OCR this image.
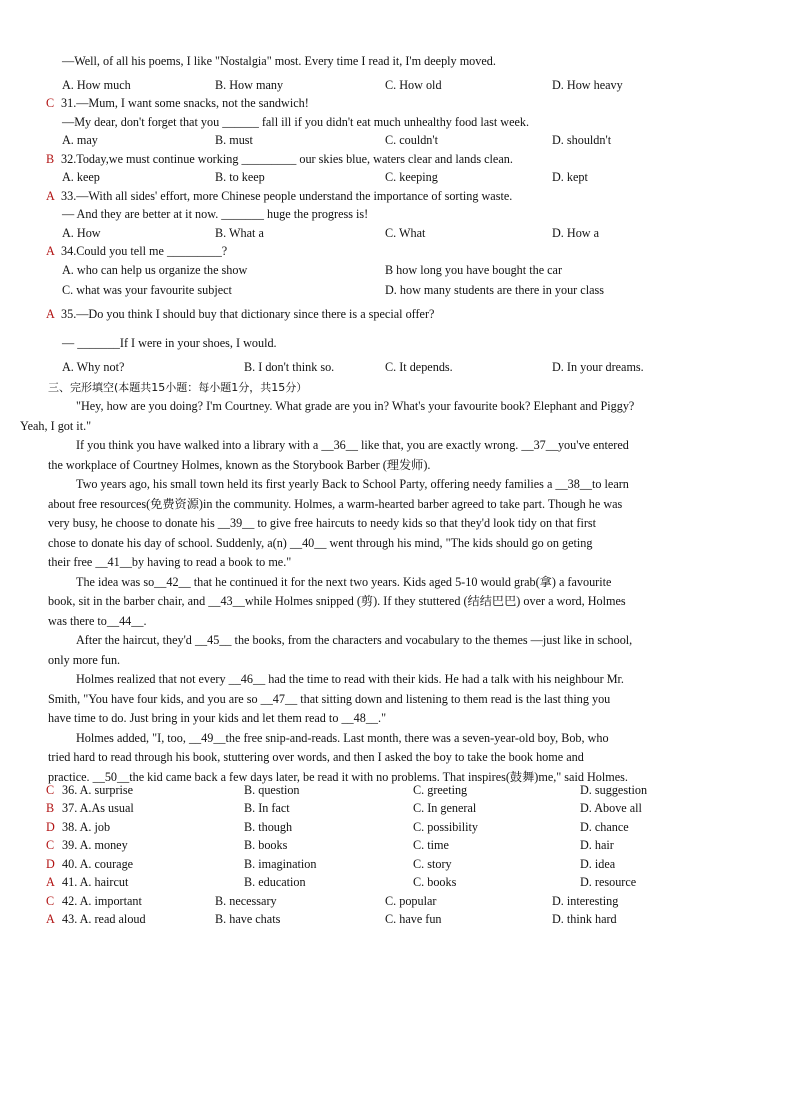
—Well, of all his poems, I like "Nostalgia" most. Every time I read it, I'm deeply moved.
A. How much	B. How many	C. How old	D. How heavy
C 31.—Mum, I want some snacks, not the sandwich!
—My dear, don't forget that you ______ fall ill if you didn't eat much unhealthy food last week.
A. may	B. must	C. couldn't	D. shouldn't
B 32.Today,we must continue working _________ our skies blue, waters clear and lands clean.
A. keep	B. to keep	C. keeping	D. kept
A 33.—With all sides' effort, more Chinese people understand the importance of sorting waste.
— And they are better at it now. _______ huge the progress is!
A. How	B. What a	C. What	D. How a
A 34.Could you tell me _________?
A. who can help us organize the show	B how long you have bought the car
C. what was your favourite subject	D. how many students are there in your class
A 35.—Do you think I should buy that dictionary since there is a special offer?
— _______If I were in your shoes, I would.
A. Why not?	B. I don't think so.	C. It depends.	D. In your dreams.
三、完形填空(本题共15小题：每小题1分，共15分）

"Hey, how are you doing? I'm Courtney. What grade are you in? What's your favourite book? Elephant and Piggy?
Yeah, I got it."

If you think you have walked into a library with a __36__ like that, you are exactly wrong. __37__you've entered
the workplace of Courtney Holmes, known as the Storybook Barber (理发师).

Two years ago, his small town held its first yearly Back to School Party, offering needy families a __38__to learn
about free resources(免费资源)in the community. Holmes, a warm-hearted barber agreed to take part. Though he was
very busy, he choose to donate his __39__ to give free haircuts to needy kids so that they'd look tidy on that first
chose to donate his day of school. Suddenly, a(n) __40__ went through his mind, "The kids should go on geting
their free __41__by having to read a book to me."

The idea was so__42__ that he continued it for the next two years. Kids aged 5-10 would grab(拿) a favourite
book, sit in the barber chair, and __43__while Holmes snipped (剪). If they stuttered (结结巴巴) over a word, Holmes
was there to__44__.

After the haircut, they'd __45__ the books, from the characters and vocabulary to the themes —just like in school,
only more fun.

Holmes realized that not every __46__ had the time to read with their kids. He had a talk with his neighbour Mr.
Smith, "You have four kids, and you are so __47__ that sitting down and listening to them read is the last thing you
have time to do. Just bring in your kids and let them read to __48__."

Holmes added, "I, too, __49__the free snip-and-reads. Last month, there was a seven-year-old boy, Bob, who
tried hard to read through his book, stuttering over words, and then I asked the boy to take the book home and
practice. __50__the kid came back a few days later, be read it with no problems. That inspires(鼓舞)me," said Holmes.

C 36. A. surprise	B. question	C. greeting	D. suggestion
B 37. A.As usual	B. In fact	C. In general	D. Above all
D 38. A. job	B. though	C. possibility	D. chance
C 39. A. money	B. books	C. time	D. hair
D 40. A. courage	B. imagination	C. story	D. idea
A 41. A. haircut	B. education	C. books	D. resource
C 42. A. important	B. necessary	C. popular	D. interesting
A 43. A. read aloud	B. have chats	C. have fun	D. think hard
